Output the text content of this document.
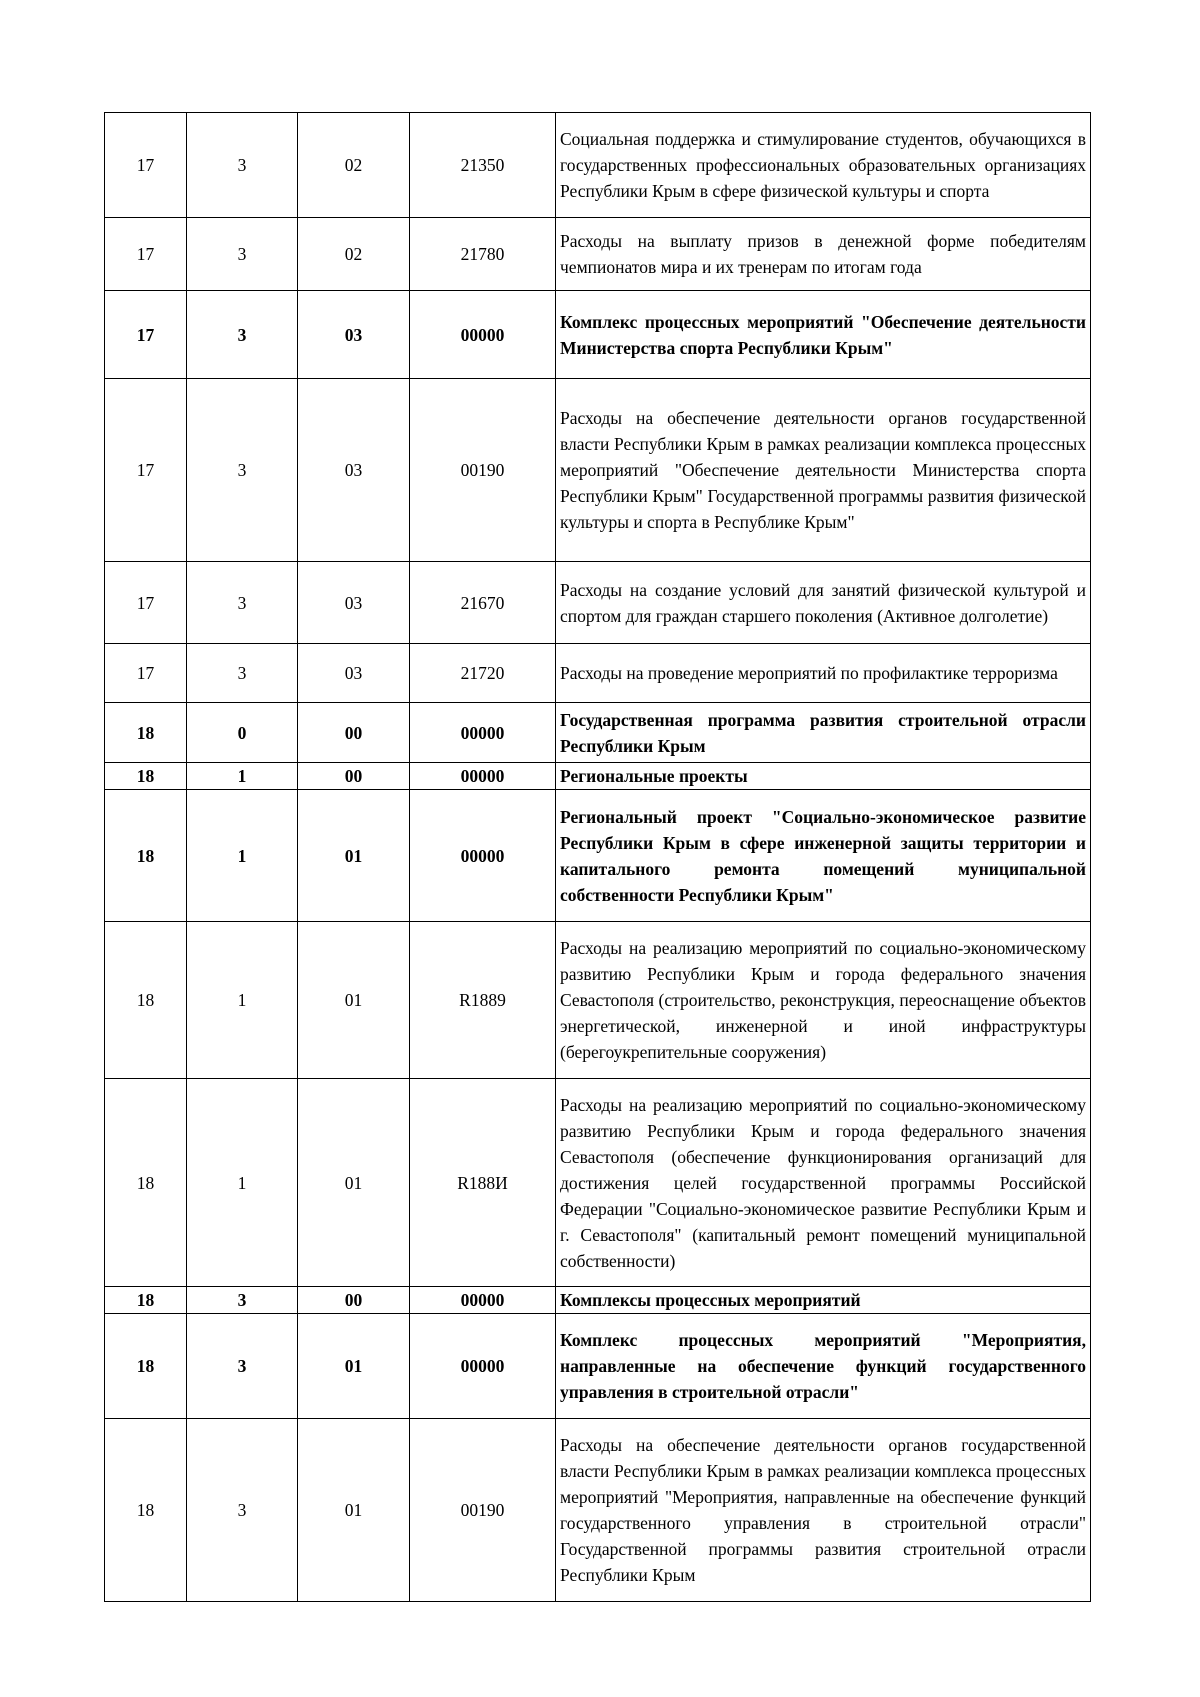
17	3	02	21350	Социальная поддержка и стимулирование студентов, обучающихся в государственных профессиональных образовательных организациях Республики Крым в сфере физической культуры и спорта
17	3	02	21780	Расходы на выплату призов в денежной форме победителям чемпионатов мира и их тренерам по итогам года
17	3	03	00000	Комплекс процессных мероприятий "Обеспечение деятельности Министерства спорта Республики Крым"
17	3	03	00190	Расходы на обеспечение деятельности органов государственной власти Республики Крым в рамках реализации комплекса процессных мероприятий "Обеспечение деятельности Министерства спорта Республики Крым" Государственной программы развития физической культуры и спорта в Республике Крым"
17	3	03	21670	Расходы на создание условий для занятий физической культурой и спортом для граждан старшего поколения (Активное долголетие)
17	3	03	21720	Расходы на проведение мероприятий по профилактике терроризма
18	0	00	00000	Государственная программа развития строительной отрасли Республики Крым
18	1	00	00000	Региональные проекты
18	1	01	00000	Региональный проект "Социально-экономическое развитие Республики Крым в сфере инженерной защиты территории и капитального ремонта помещений муниципальной собственности Республики Крым"
18	1	01	R1889	Расходы на реализацию мероприятий по социально-экономическому развитию Республики Крым и города федерального значения Севастополя (строительство, реконструкция, переоснащение объектов энергетической, инженерной и иной инфраструктуры (берегоукрепительные сооружения)
18	1	01	R188И	Расходы на реализацию мероприятий по социально-экономическому развитию Республики Крым и города федерального значения Севастополя (обеспечение функционирования организаций для достижения целей государственной программы Российской Федерации "Социально-экономическое развитие Республики Крым и г. Севастополя" (капитальный ремонт помещений муниципальной собственности)
18	3	00	00000	Комплексы процессных мероприятий
18	3	01	00000	Комплекс процессных мероприятий "Мероприятия, направленные на обеспечение функций государственного управления в строительной отрасли"
18	3	01	00190	Расходы на обеспечение деятельности органов государственной власти Республики Крым в рамках реализации комплекса процессных мероприятий "Мероприятия, направленные на обеспечение функций государственного управления в строительной отрасли" Государственной программы развития строительной отрасли Республики Крым
